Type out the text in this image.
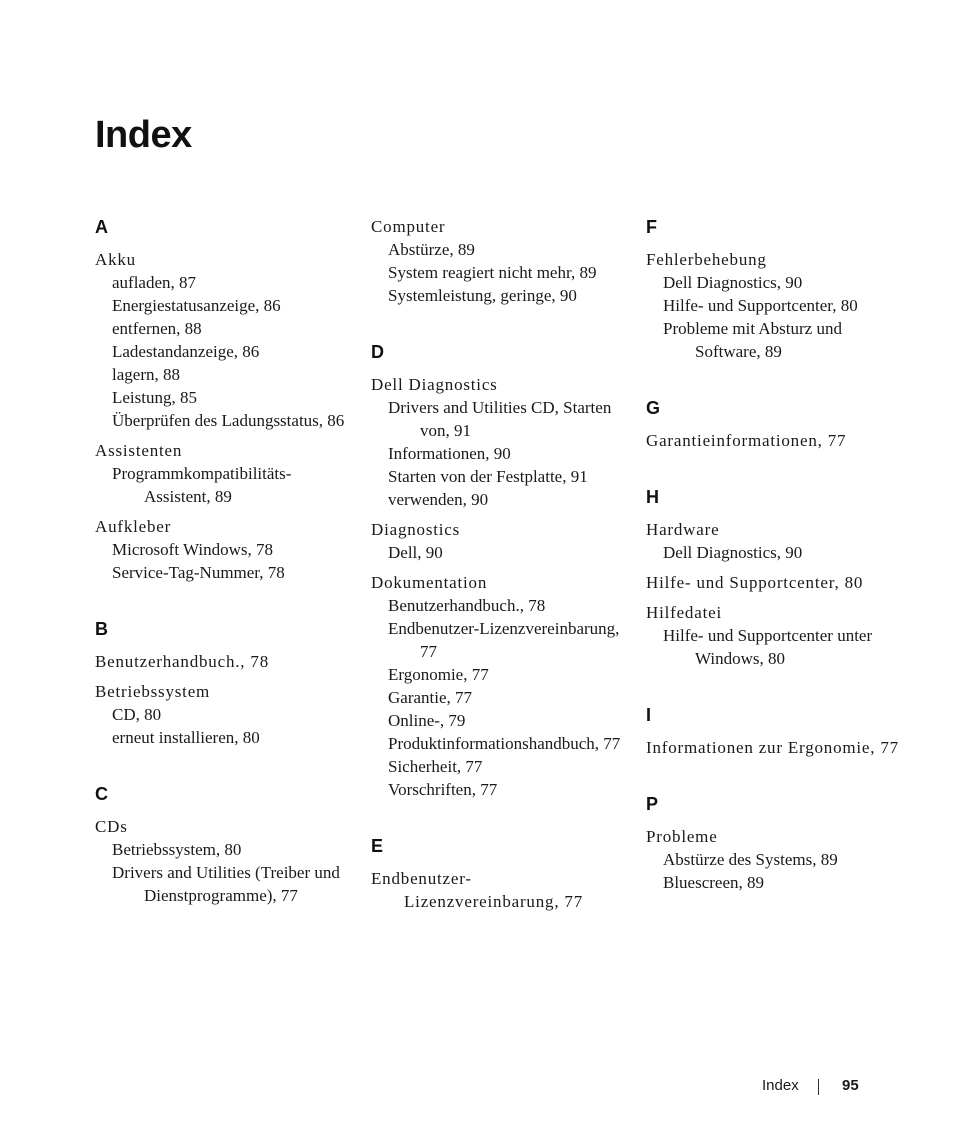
Index
A
Akku
aufladen, 87
Energiestatusanzeige, 86
entfernen, 88
Ladestandanzeige, 86
lagern, 88
Leistung, 85
Überprüfen des Ladungsstatus, 86
Assistenten
Programmkompatibilitäts-Assistent, 89
Aufkleber
Microsoft Windows, 78
Service-Tag-Nummer, 78
B
Benutzerhandbuch., 78
Betriebssystem
CD, 80
erneut installieren, 80
C
CDs
Betriebssystem, 80
Drivers and Utilities (Treiber und Dienstprogramme), 77
Computer
Abstürze, 89
System reagiert nicht mehr, 89
Systemleistung, geringe, 90
D
Dell Diagnostics
Drivers and Utilities CD, Starten von, 91
Informationen, 90
Starten von der Festplatte, 91
verwenden, 90
Diagnostics
Dell, 90
Dokumentation
Benutzerhandbuch., 78
Endbenutzer-Lizenzvereinbarung, 77
Ergonomie, 77
Garantie, 77
Online-, 79
Produktinformationshandbuch, 77
Sicherheit, 77
Vorschriften, 77
E
Endbenutzer-Lizenzvereinbarung, 77
F
Fehlerbehebung
Dell Diagnostics, 90
Hilfe- und Supportcenter, 80
Probleme mit Absturz und Software, 89
G
Garantieinformationen, 77
H
Hardware
Dell Diagnostics, 90
Hilfe- und Supportcenter, 80
Hilfedatei
Hilfe- und Supportcenter unter Windows, 80
I
Informationen zur Ergonomie, 77
P
Probleme
Abstürze des Systems, 89
Bluescreen, 89
Index	95
